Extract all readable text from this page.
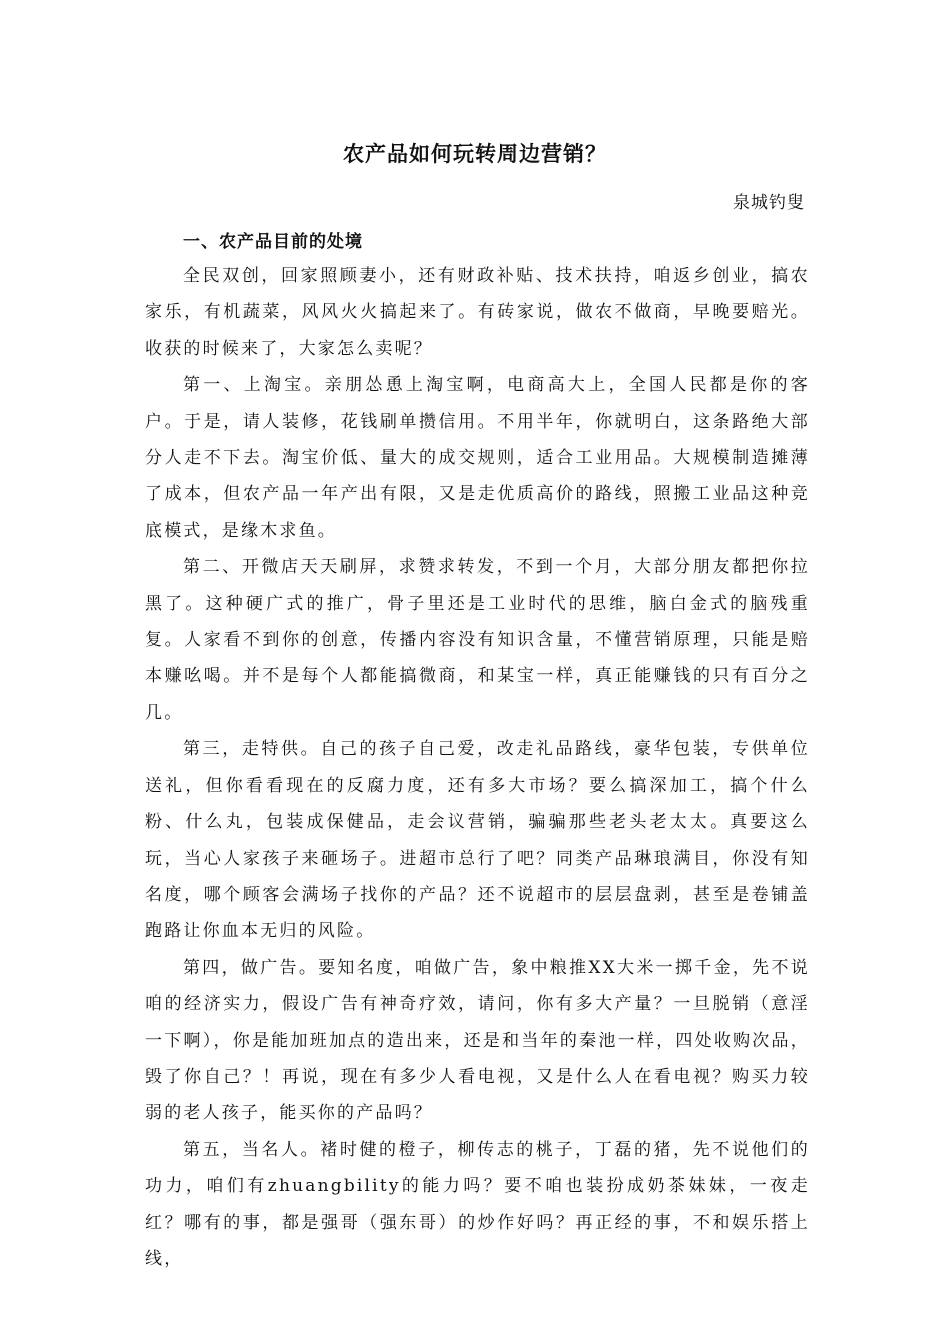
农产品如何玩转周边营销？
泉城钓叟
一、农产品目前的处境

全民双创，回家照顾妻小，还有财政补贴、技术扶持，咱返乡创业，搞农家乐，有机蔬菜，风风火火搞起来了。有砖家说，做农不做商，早晚要赔光。收获的时候来了，大家怎么卖呢？

第一、上淘宝。亲朋怂恿上淘宝啊，电商高大上，全国人民都是你的客户。于是，请人装修，花钱刷单攒信用。不用半年，你就明白，这条路绝大部分人走不下去。淘宝价低、量大的成交规则，适合工业用品。大规模制造摊薄了成本，但农产品一年产出有限，又是走优质高价的路线，照搬工业品这种竞底模式，是缘木求鱼。

第二、开微店天天刷屏，求赞求转发，不到一个月，大部分朋友都把你拉黑了。这种硬广式的推广，骨子里还是工业时代的思维，脑白金式的脑残重复。人家看不到你的创意，传播内容没有知识含量，不懂营销原理，只能是赔本赚吆喝。并不是每个人都能搞微商，和某宝一样，真正能赚钱的只有百分之几。

第三，走特供。自己的孩子自己爱，改走礼品路线，豪华包装，专供单位送礼，但你看看现在的反腐力度，还有多大市场？要么搞深加工，搞个什么粉、什么丸，包装成保健品，走会议营销，骗骗那些老头老太太。真要这么玩，当心人家孩子来砸场子。进超市总行了吧？同类产品琳琅满目，你没有知名度，哪个顾客会满场子找你的产品？还不说超市的层层盘剥，甚至是卷铺盖跑路让你血本无归的风险。

第四，做广告。要知名度，咱做广告，象中粮推XX大米一掷千金，先不说咱的经济实力，假设广告有神奇疗效，请问，你有多大产量？一旦脱销（意淫一下啊），你是能加班加点的造出来，还是和当年的秦池一样，四处收购次品，毁了你自己？！再说，现在有多少人看电视，又是什么人在看电视？购买力较弱的老人孩子，能买你的产品吗？

第五，当名人。褚时健的橙子，柳传志的桃子，丁磊的猪，先不说他们的功力，咱们有zhuangbility的能力吗？要不咱也装扮成奶茶妹妹，一夜走红？哪有的事，都是强哥（强东哥）的炒作好吗？再正经的事，不和娱乐搭上线，
